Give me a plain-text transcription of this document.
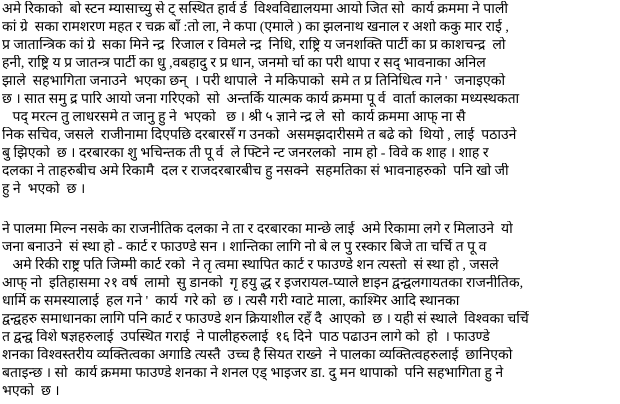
अमे रिकाको  बो स्टन म्यासाच्यु से ट् सस्थित हार्व र्ड  विश्वविद्यालयमा आयो जित सो  कार्य क्रममा ने पाली
कां ग्रे  सका रामशरण महत र चक्र बाँ :तो ला, ने कपा (एमाले ) का झलनाथ खनाल र अशो ककु मार राई ,
प्र जातान्त्रिक कां ग्रे  सका मिने न्द्र  रिजाल र विमले न्द्र  निधि, राष्ट्रि य जनशक्ति पार्टी का प्र काशचन्द्र  लो
हनी, राष्ट्रि य प्र जातन्त्र पार्टी का धु ,वबहादु र प्र धान, जनमो र्चा का परी थापा र सद् भावनाका अनिल
झाले  सहभागिता जनाउने  भएका छन्  । परी थापाले  ने मकिपाको  समे त प्र तिनिधित्व गने '  जनाइएको
छ । सात समु द्र पारि आयो जना गरिएको  सो  अन्तर्कि यात्मक कार्य क्रममा पू र्व  वार्ता कालका मध्यस्थकता
पद् मरत्न तु लाधरसमे त जानु हु ने  भएको   छ । श्री ५ ज्ञाने न्द्र ले  सो  कार्य क्रममा आफ् ना सै
निक सचिव, जसले  राजीनामा दिएपछि दरबारसँ ग उनको  असमझदारीसमे त बढे को  थियो , लाई  पठाउने
बु झिएको  छ । दरबारका शु भचिन्तक ती पू र्व  ले फ्टिने न्ट जनरलको  नाम हो - विवे क शाह । शाह र
दलका ने ताहरुबीच अमे रिकामै  दल र राजदरबारबीच हु नसक्ने  सहमतिका सं भावनाहरुको  पनि खो जी
हु ने  भएको  छ ।
ने पालमा मिल्न नसके का राजनीतिक दलका ने ता र दरबारका मान्छे लाई  अमे रिकामा लगे र मिलाउने  यो
जना बनाउने  सं स्था हो - कार्ट र फाउण्डे सन । शान्तिका लागि नो बे ल पु रस्कार बिजे ता चर्चि त पू व
अमे रिकी राष्ट्र पति जिम्मी कार्ट रको  ने तृ त्वमा स्थापित कार्ट र फाउण्डे शन त्यस्तो  सं स्था हो , जसले
आफ् नो  इतिहासमा २१ वर्ष  लामो  सु डानको  गृ हयु द्ध र इजरायल-प्याले ष्टाइन द्वन्द्वलगायतका राजनीतिक,
धार्मि क समस्यालाई  हल गने '  कार्य  गरे को  छ । त्यसै गरी ग्वाटे माला, काश्मिर आदि स्थानका
द्वन्द्वहरु समाधानका लागि पनि कार्ट र फाउण्डे शन क्रियाशील रहँ दै  आएको  छ । यही सं स्थाले  विश्वका चर्चि
त द्वन्द्व विशे षज्ञहरुलाई  उपस्थित गराई  ने पालीहरुलाई  १६ दिने  पाठ पढाउन लागे को  हो  । फाउण्डे
शनका विश्वस्तरीय व्यक्तित्वका अगाडि त्यस्तै  उच्च है सियत राख्ने  ने पालका व्यक्तित्वहरुलाई  छानिएको
बताइन्छ । सो  कार्य क्रममा फाउण्डे शनका ने शनल एड् भाइजर डा. दु मन थापाको  पनि सहभागिता हु ने
भएको  छ ।
